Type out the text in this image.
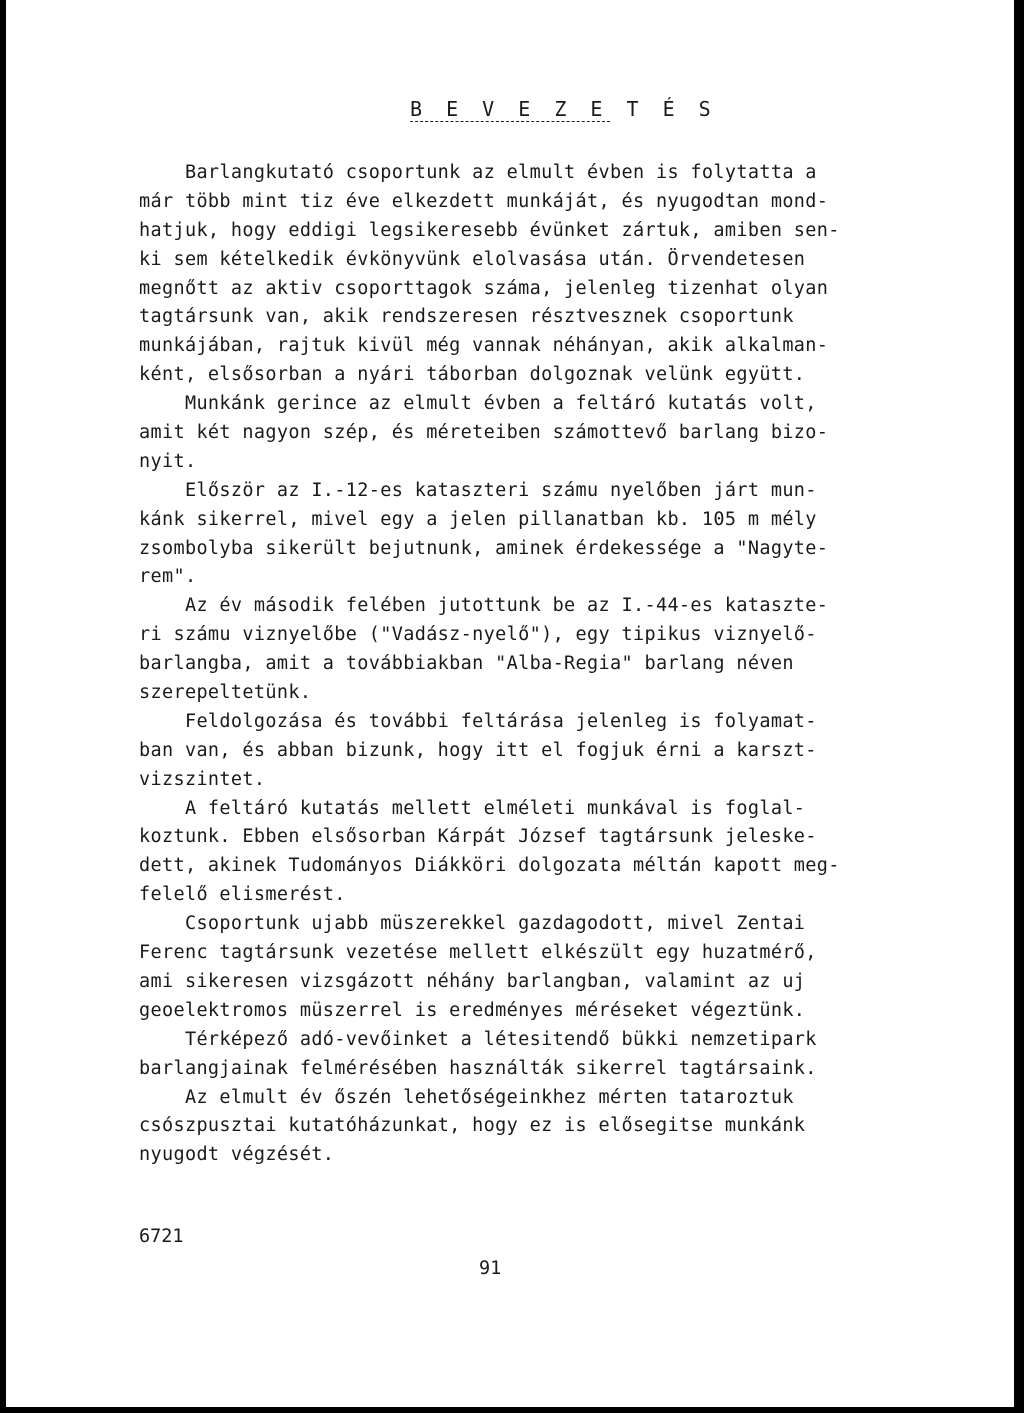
B E V E Z E T É S
Barlangkutató csoportunk az elmult évben is folytatta a
már több mint tiz éve elkezdett munkáját, és nyugodtan mond-
hatjuk, hogy eddigi legsikeresebb évünket zártuk, amiben sen-
ki sem kételkedik évkönyvünk elolvasása után. Örvendetesen
megnőtt az aktiv csoporttagok száma, jelenleg tizenhat olyan
tagtársunk van, akik rendszeresen résztvesznek csoportunk
munkájában, rajtuk kivül még vannak néhányan, akik alkalman-
ként, elsősorban a nyári táborban dolgoznak velünk együtt.
Munkánk gerince az elmult évben a feltáró kutatás volt,
amit két nagyon szép, és méreteiben számottevő barlang bizo-
nyit.
Először az I.-12-es kataszteri számu nyelőben járt mun-
kánk sikerrel, mivel egy a jelen pillanatban kb. 105 m mély
zsombolyba sikerült bejutnunk, aminek érdekessége a "Nagyte-
rem".
Az év második felében jutottunk be az I.-44-es kataszte-
ri számu viznyelőbe ("Vadász-nyelő"), egy tipikus viznyelő-
barlangba, amit a továbbiakban "Alba-Regia" barlang néven
szerepeltetünk.
Feldolgozása és további feltárása jelenleg is folyamat-
ban van, és abban bizunk, hogy itt el fogjuk érni a karszt-
vizszintet.
A feltáró kutatás mellett elméleti munkával is foglal-
koztunk. Ebben elsősorban Kárpát József tagtársunk jeleske-
dett, akinek Tudományos Diákköri dolgozata méltán kapott meg-
felelő elismerést.
Csoportunk ujabb müszerekkel gazdagodott, mivel Zentai
Ferenc tagtársunk vezetése mellett elkészült egy huzatmérő,
ami sikeresen vizsgázott néhány barlangban, valamint az uj
geoelektromos müszerrel is eredményes méréseket végeztünk.
Térképező adó-vevőinket a létesitendő bükki nemzetipark
barlangjainak felmérésében használták sikerrel tagtársaink.
Az elmult év őszén lehetőségeinkhez mérten tataroztuk
csószpusztai kutatóházunkat, hogy ez is elősegitse munkánk
nyugodt végzését.
6721
91
